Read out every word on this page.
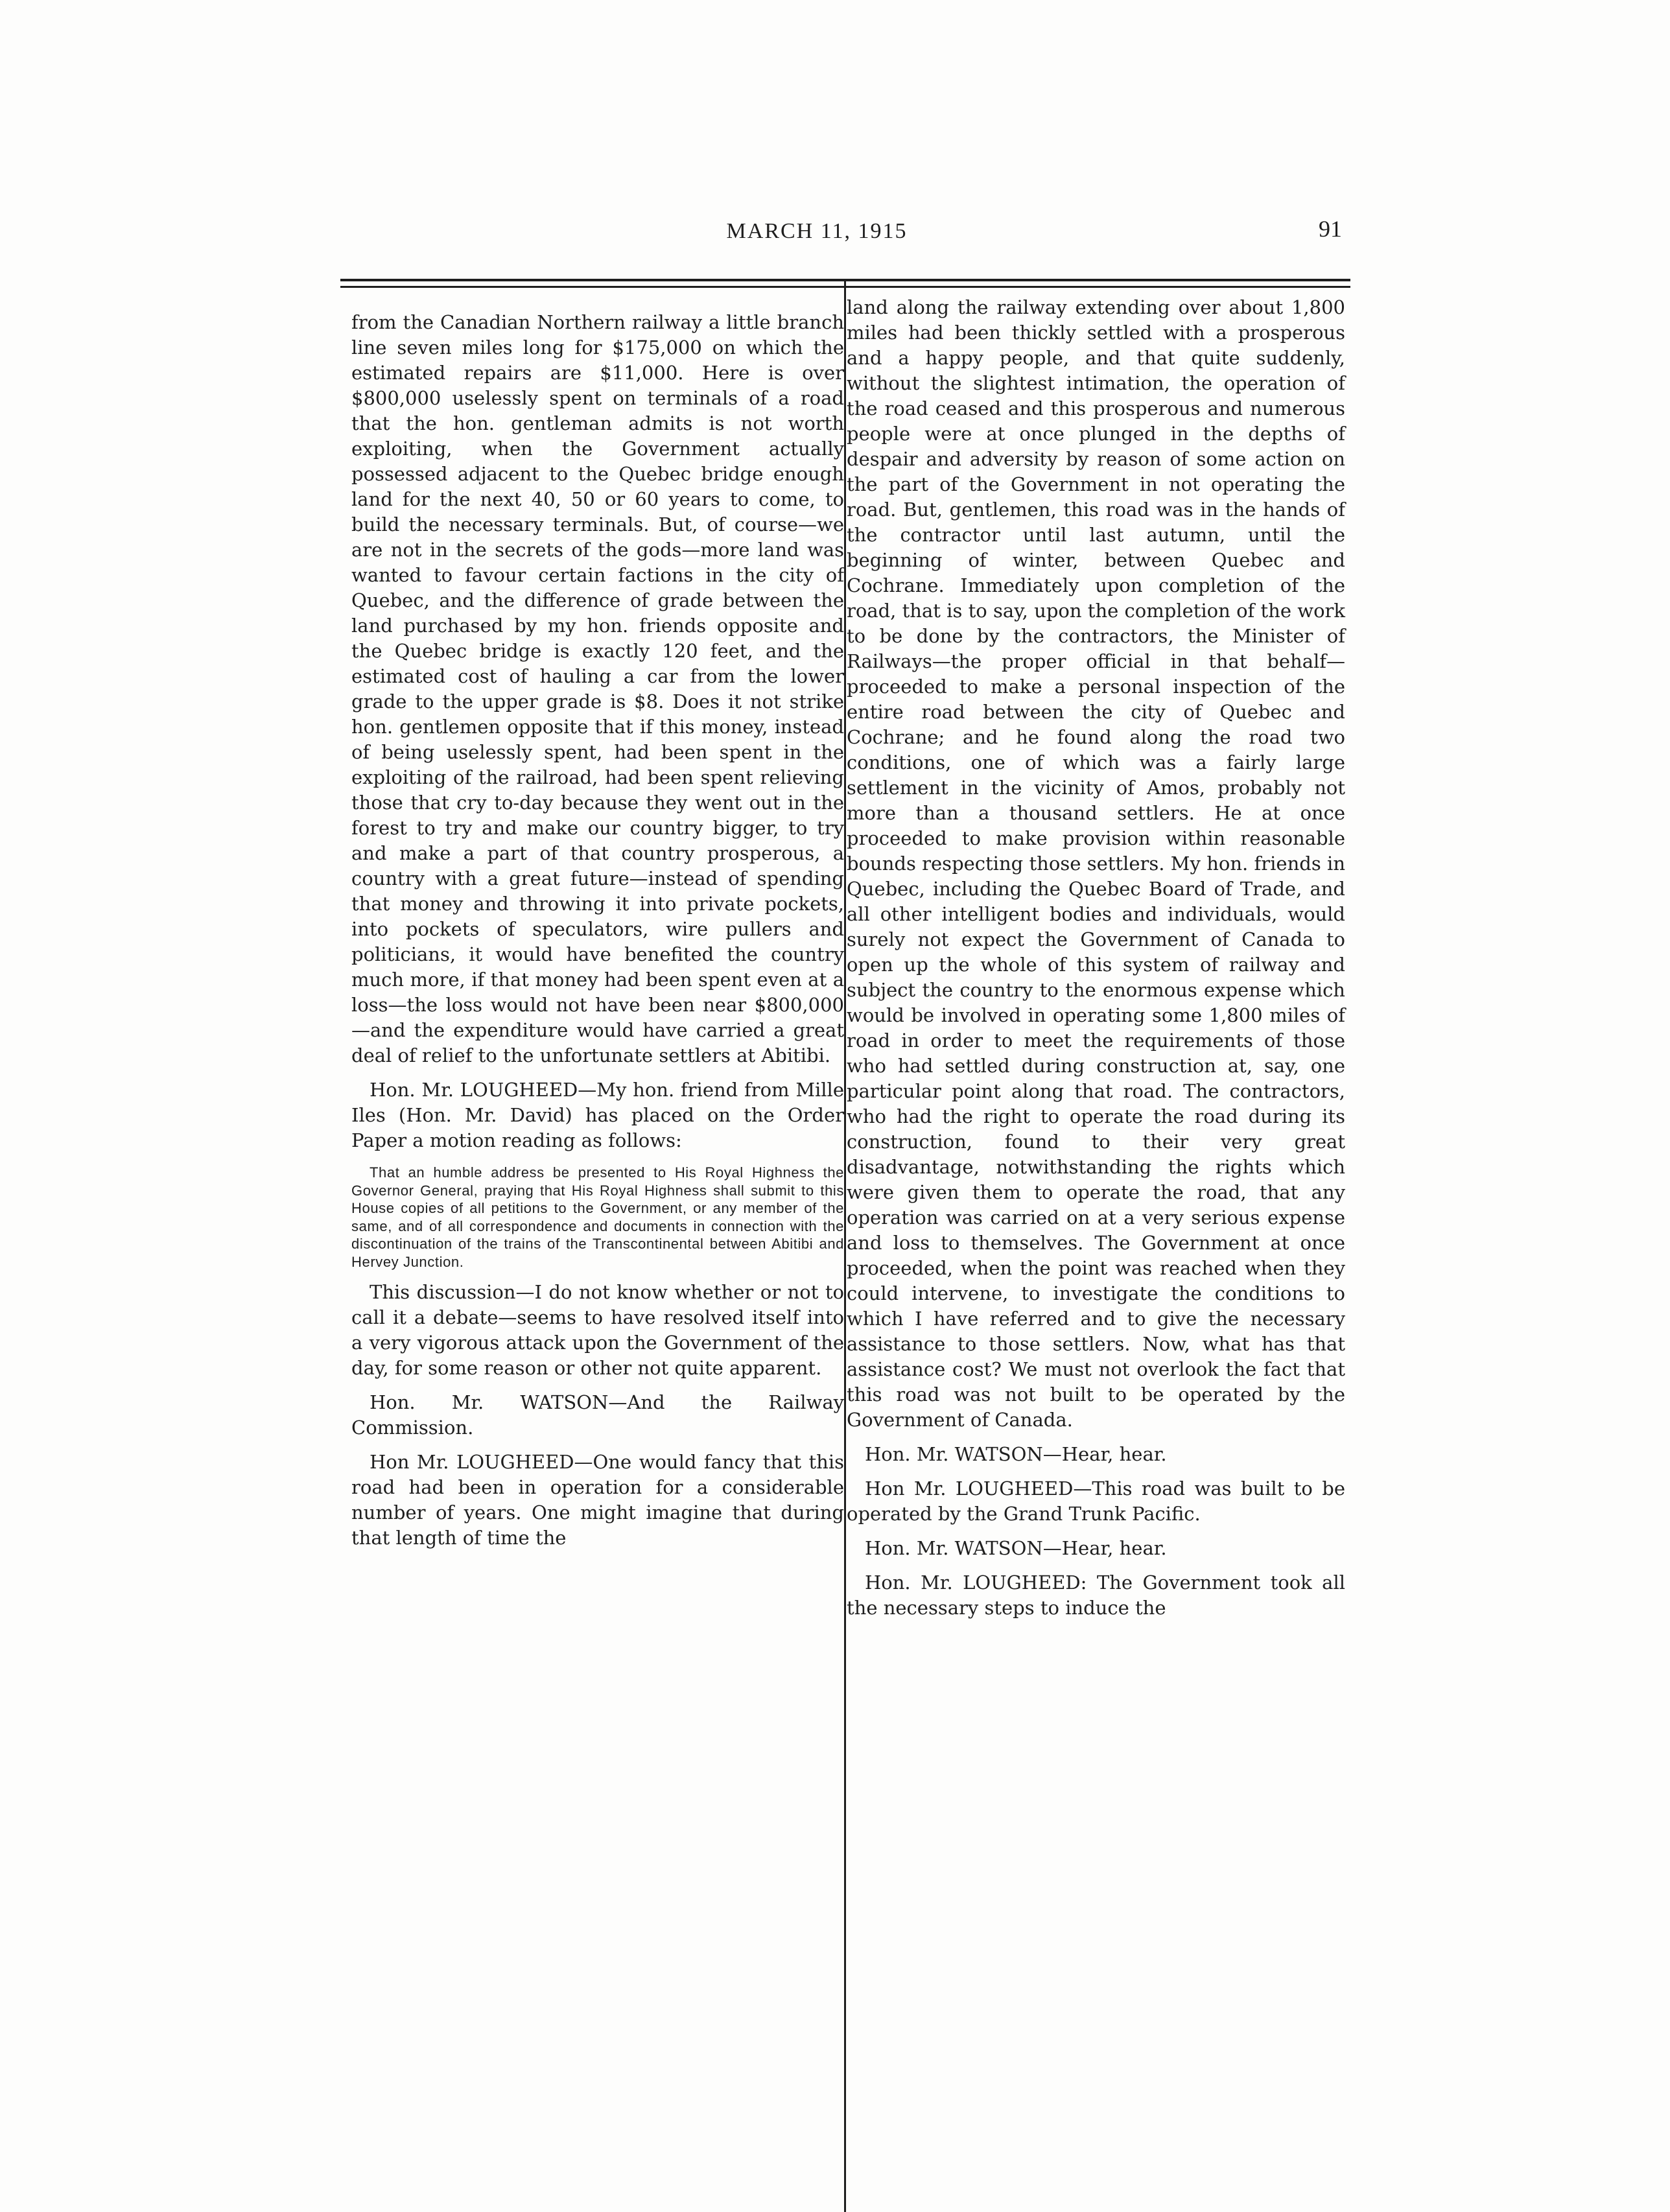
MARCH 11, 1915	91

from the Canadian Northern railway a little branch line seven miles long for $175,000 on which the estimated repairs are $11,000. Here is over $800,000 uselessly spent on terminals of a road that the hon. gentleman admits is not worth exploiting, when the Government actually possessed adjacent to the Quebec bridge enough land for the next 40, 50 or 60 years to come, to build the necessary terminals. But, of course—we are not in the secrets of the gods—more land was wanted to favour certain factions in the city of Quebec, and the difference of grade between the land purchased by my hon. friends opposite and the Quebec bridge is exactly 120 feet, and the estimated cost of hauling a car from the lower grade to the upper grade is $8. Does it not strike hon. gentlemen opposite that if this money, instead of being uselessly spent, had been spent in the exploiting of the railroad, had been spent relieving those that cry to-day because they went out in the forest to try and make our country bigger, to try and make a part of that country prosperous, a country with a great future—instead of spending that money and throwing it into private pockets, into pockets of speculators, wire pullers and politicians, it would have benefited the country much more, if that money had been spent even at a loss—the loss would not have been near $800,000—and the expenditure would have carried a great deal of relief to the unfortunate settlers at Abitibi.

Hon. Mr. LOUGHEED—My hon. friend from Mille Iles (Hon. Mr. David) has placed on the Order Paper a motion reading as follows:

That an humble address be presented to His Royal Highness the Governor General, praying that His Royal Highness shall submit to this House copies of all petitions to the Government, or any member of the same, and of all correspondence and documents in connection with the discontinuation of the trains of the Transcontinental between Abitibi and Hervey Junction.

This discussion—I do not know whether or not to call it a debate—seems to have resolved itself into a very vigorous attack upon the Government of the day, for some reason or other not quite apparent.

Hon. Mr. WATSON—And the Railway Commission.

Hon Mr. LOUGHEED—One would fancy that this road had been in operation for a considerable number of years. One might imagine that during that length of time the

land along the railway extending over about 1,800 miles had been thickly settled with a prosperous and a happy people, and that quite suddenly, without the slightest intimation, the operation of the road ceased and this prosperous and numerous people were at once plunged in the depths of despair and adversity by reason of some action on the part of the Government in not operating the road. But, gentlemen, this road was in the hands of the contractor until last autumn, until the beginning of winter, between Quebec and Cochrane. Immediately upon completion of the road, that is to say, upon the completion of the work to be done by the contractors, the Minister of Railways—the proper official in that behalf—proceeded to make a personal inspection of the entire road between the city of Quebec and Cochrane; and he found along the road two conditions, one of which was a fairly large settlement in the vicinity of Amos, probably not more than a thousand settlers. He at once proceeded to make provision within reasonable bounds respecting those settlers. My hon. friends in Quebec, including the Quebec Board of Trade, and all other intelligent bodies and individuals, would surely not expect the Government of Canada to open up the whole of this system of railway and subject the country to the enormous expense which would be involved in operating some 1,800 miles of road in order to meet the requirements of those who had settled during construction at, say, one particular point along that road. The contractors, who had the right to operate the road during its construction, found to their very great disadvantage, notwithstanding the rights which were given them to operate the road, that any operation was carried on at a very serious expense and loss to themselves. The Government at once proceeded, when the point was reached when they could intervene, to investigate the conditions to which I have referred and to give the necessary assistance to those settlers. Now, what has that assistance cost? We must not overlook the fact that this road was not built to be operated by the Government of Canada.

Hon. Mr. WATSON—Hear, hear.

Hon Mr. LOUGHEED—This road was built to be operated by the Grand Trunk Pacific.

Hon. Mr. WATSON—Hear, hear.

Hon. Mr. LOUGHEED: The Government took all the necessary steps to induce the
